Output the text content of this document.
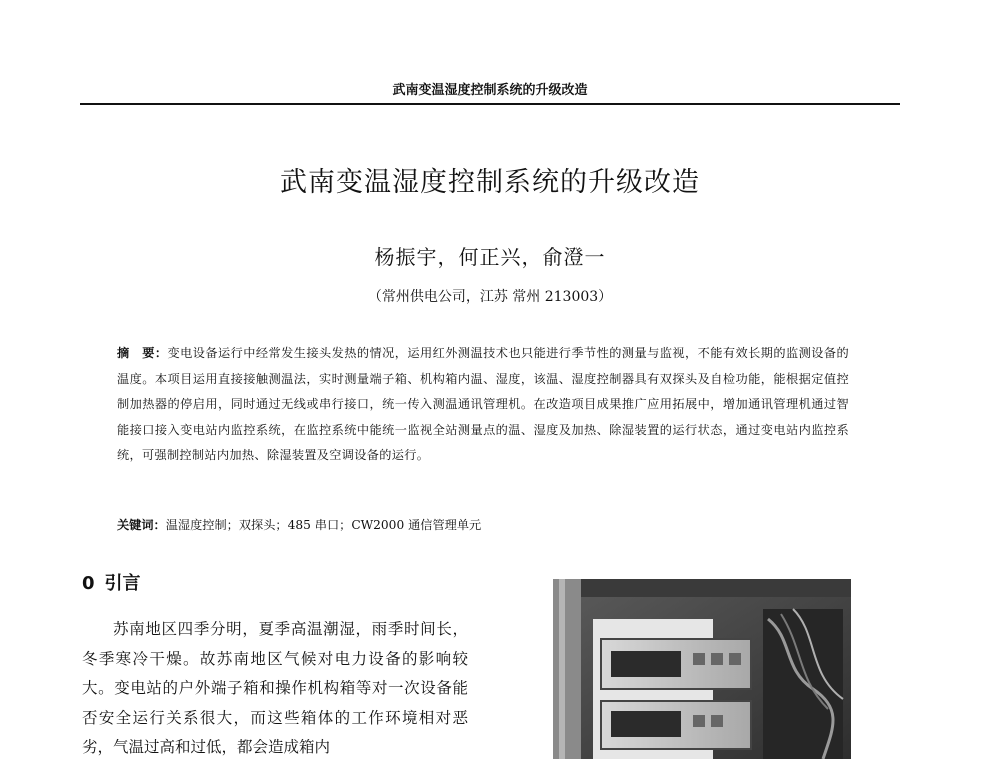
武南变温湿度控制系统的升级改造
武南变温湿度控制系统的升级改造
杨振宇，何正兴，俞澄一
（常州供电公司，江苏 常州 213003）
摘　要：变电设备运行中经常发生接头发热的情况，运用红外测温技术也只能进行季节性的测量与监视，不能有效长期的监测设备的温度。本项目运用直接接触测温法，实时测量端子箱、机构箱内温、湿度，该温、湿度控制器具有双探头及自检功能，能根据定值控制加热器的停启用，同时通过无线或串行接口，统一传入测温通讯管理机。在改造项目成果推广应用拓展中，增加通讯管理机通过智能接口接入变电站内监控系统，在监控系统中能统一监视全站测量点的温、湿度及加热、除湿装置的运行状态，通过变电站内监控系统，可强制控制站内加热、除湿装置及空调设备的运行。
关键词：温湿度控制；双探头；485 串口；CW2000 通信管理单元
0 引言
苏南地区四季分明，夏季高温潮湿，雨季时间长，冬季寒冷干燥。故苏南地区气候对电力设备的影响较大。变电站的户外端子箱和操作机构箱等对一次设备能否安全运行关系很大，而这些箱体的工作环境相对恶劣，气温过高和过低，都会造成箱内
